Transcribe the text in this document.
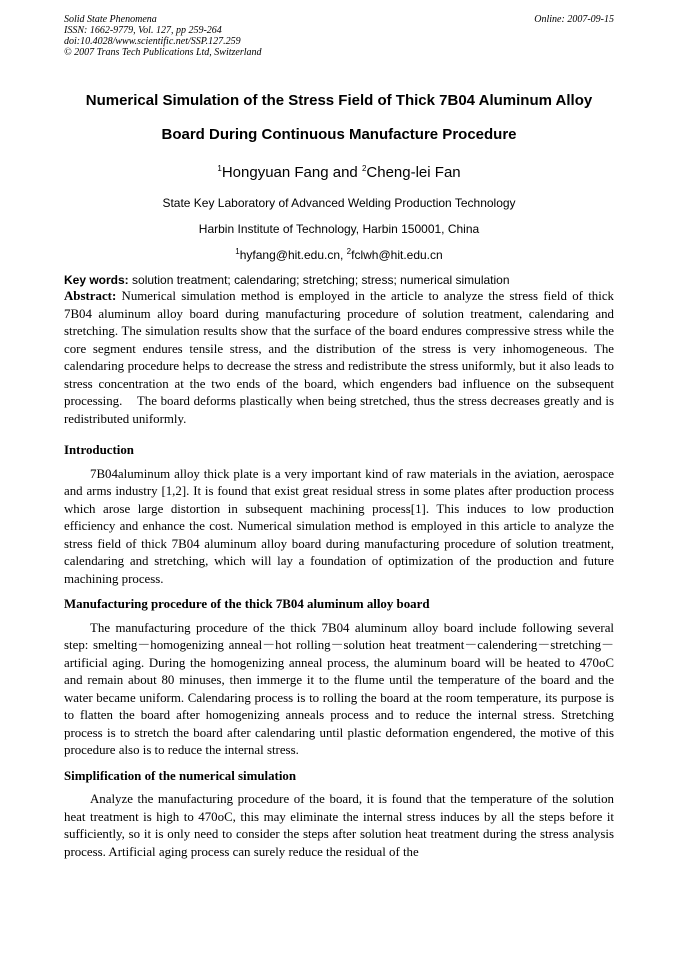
Solid State Phenomena
ISSN: 1662-9779, Vol. 127, pp 259-264
doi:10.4028/www.scientific.net/SSP.127.259
© 2007 Trans Tech Publications Ltd, Switzerland
Online: 2007-09-15
Numerical Simulation of the Stress Field of Thick 7B04 Aluminum Alloy
Board During Continuous Manufacture Procedure
$^1$Hongyuan Fang and $^2$Cheng-lei Fan
State Key Laboratory of Advanced Welding Production Technology
Harbin Institute of Technology, Harbin 150001, China
$^1$hyfang@hit.edu.cn, $^2$fclwh@hit.edu.cn
Key words: solution treatment; calendaring; stretching; stress; numerical simulation

Abstract: Numerical simulation method is employed in the article to analyze the stress field of thick 7B04 aluminum alloy board during manufacturing procedure of solution treatment, calendaring and stretching. The simulation results show that the surface of the board endures compressive stress while the core segment endures tensile stress, and the distribution of the stress is very inhomogeneous. The calendaring procedure helps to decrease the stress and redistribute the stress uniformly, but it also leads to stress concentration at the two ends of the board, which engenders bad influence on the subsequent processing.    The board deforms plastically when being stretched, thus the stress decreases greatly and is redistributed uniformly.

Introduction

7B04aluminum alloy thick plate is a very important kind of raw materials in the aviation, aerospace and arms industry [1,2]. It is found that exist great residual stress in some plates after production process which arose large distortion in subsequent machining process[1]. This induces to low production efficiency and enhance the cost. Numerical simulation method is employed in this article to analyze the stress field of thick 7B04 aluminum alloy board during manufacturing procedure of solution treatment, calendaring and stretching, which will lay a foundation of optimization of the production and future machining process.

Manufacturing procedure of the thick 7B04 aluminum alloy board

The manufacturing procedure of the thick 7B04 aluminum alloy board include following several step: smelting－homogenizing anneal－hot rolling－solution heat treatment－calendering－stretching－artificial aging. During the homogenizing anneal process, the aluminum board will be heated to 470oC and remain about 80 minuses, then immerge it to the flume until the temperature of the board and the water became uniform. Calendaring process is to rolling the board at the room temperature, its purpose is to flatten the board after homogenizing anneals process and to reduce the internal stress. Stretching process is to stretch the board after calendaring until plastic deformation engendered, the motive of this procedure also is to reduce the internal stress.

Simplification of the numerical simulation

Analyze the manufacturing procedure of the board, it is found that the temperature of the solution heat treatment is high to 470oC, this may eliminate the internal stress induces by all the steps before it sufficiently, so it is only need to consider the steps after solution heat treatment during the stress analysis process. Artificial aging process can surely reduce the residual of the
